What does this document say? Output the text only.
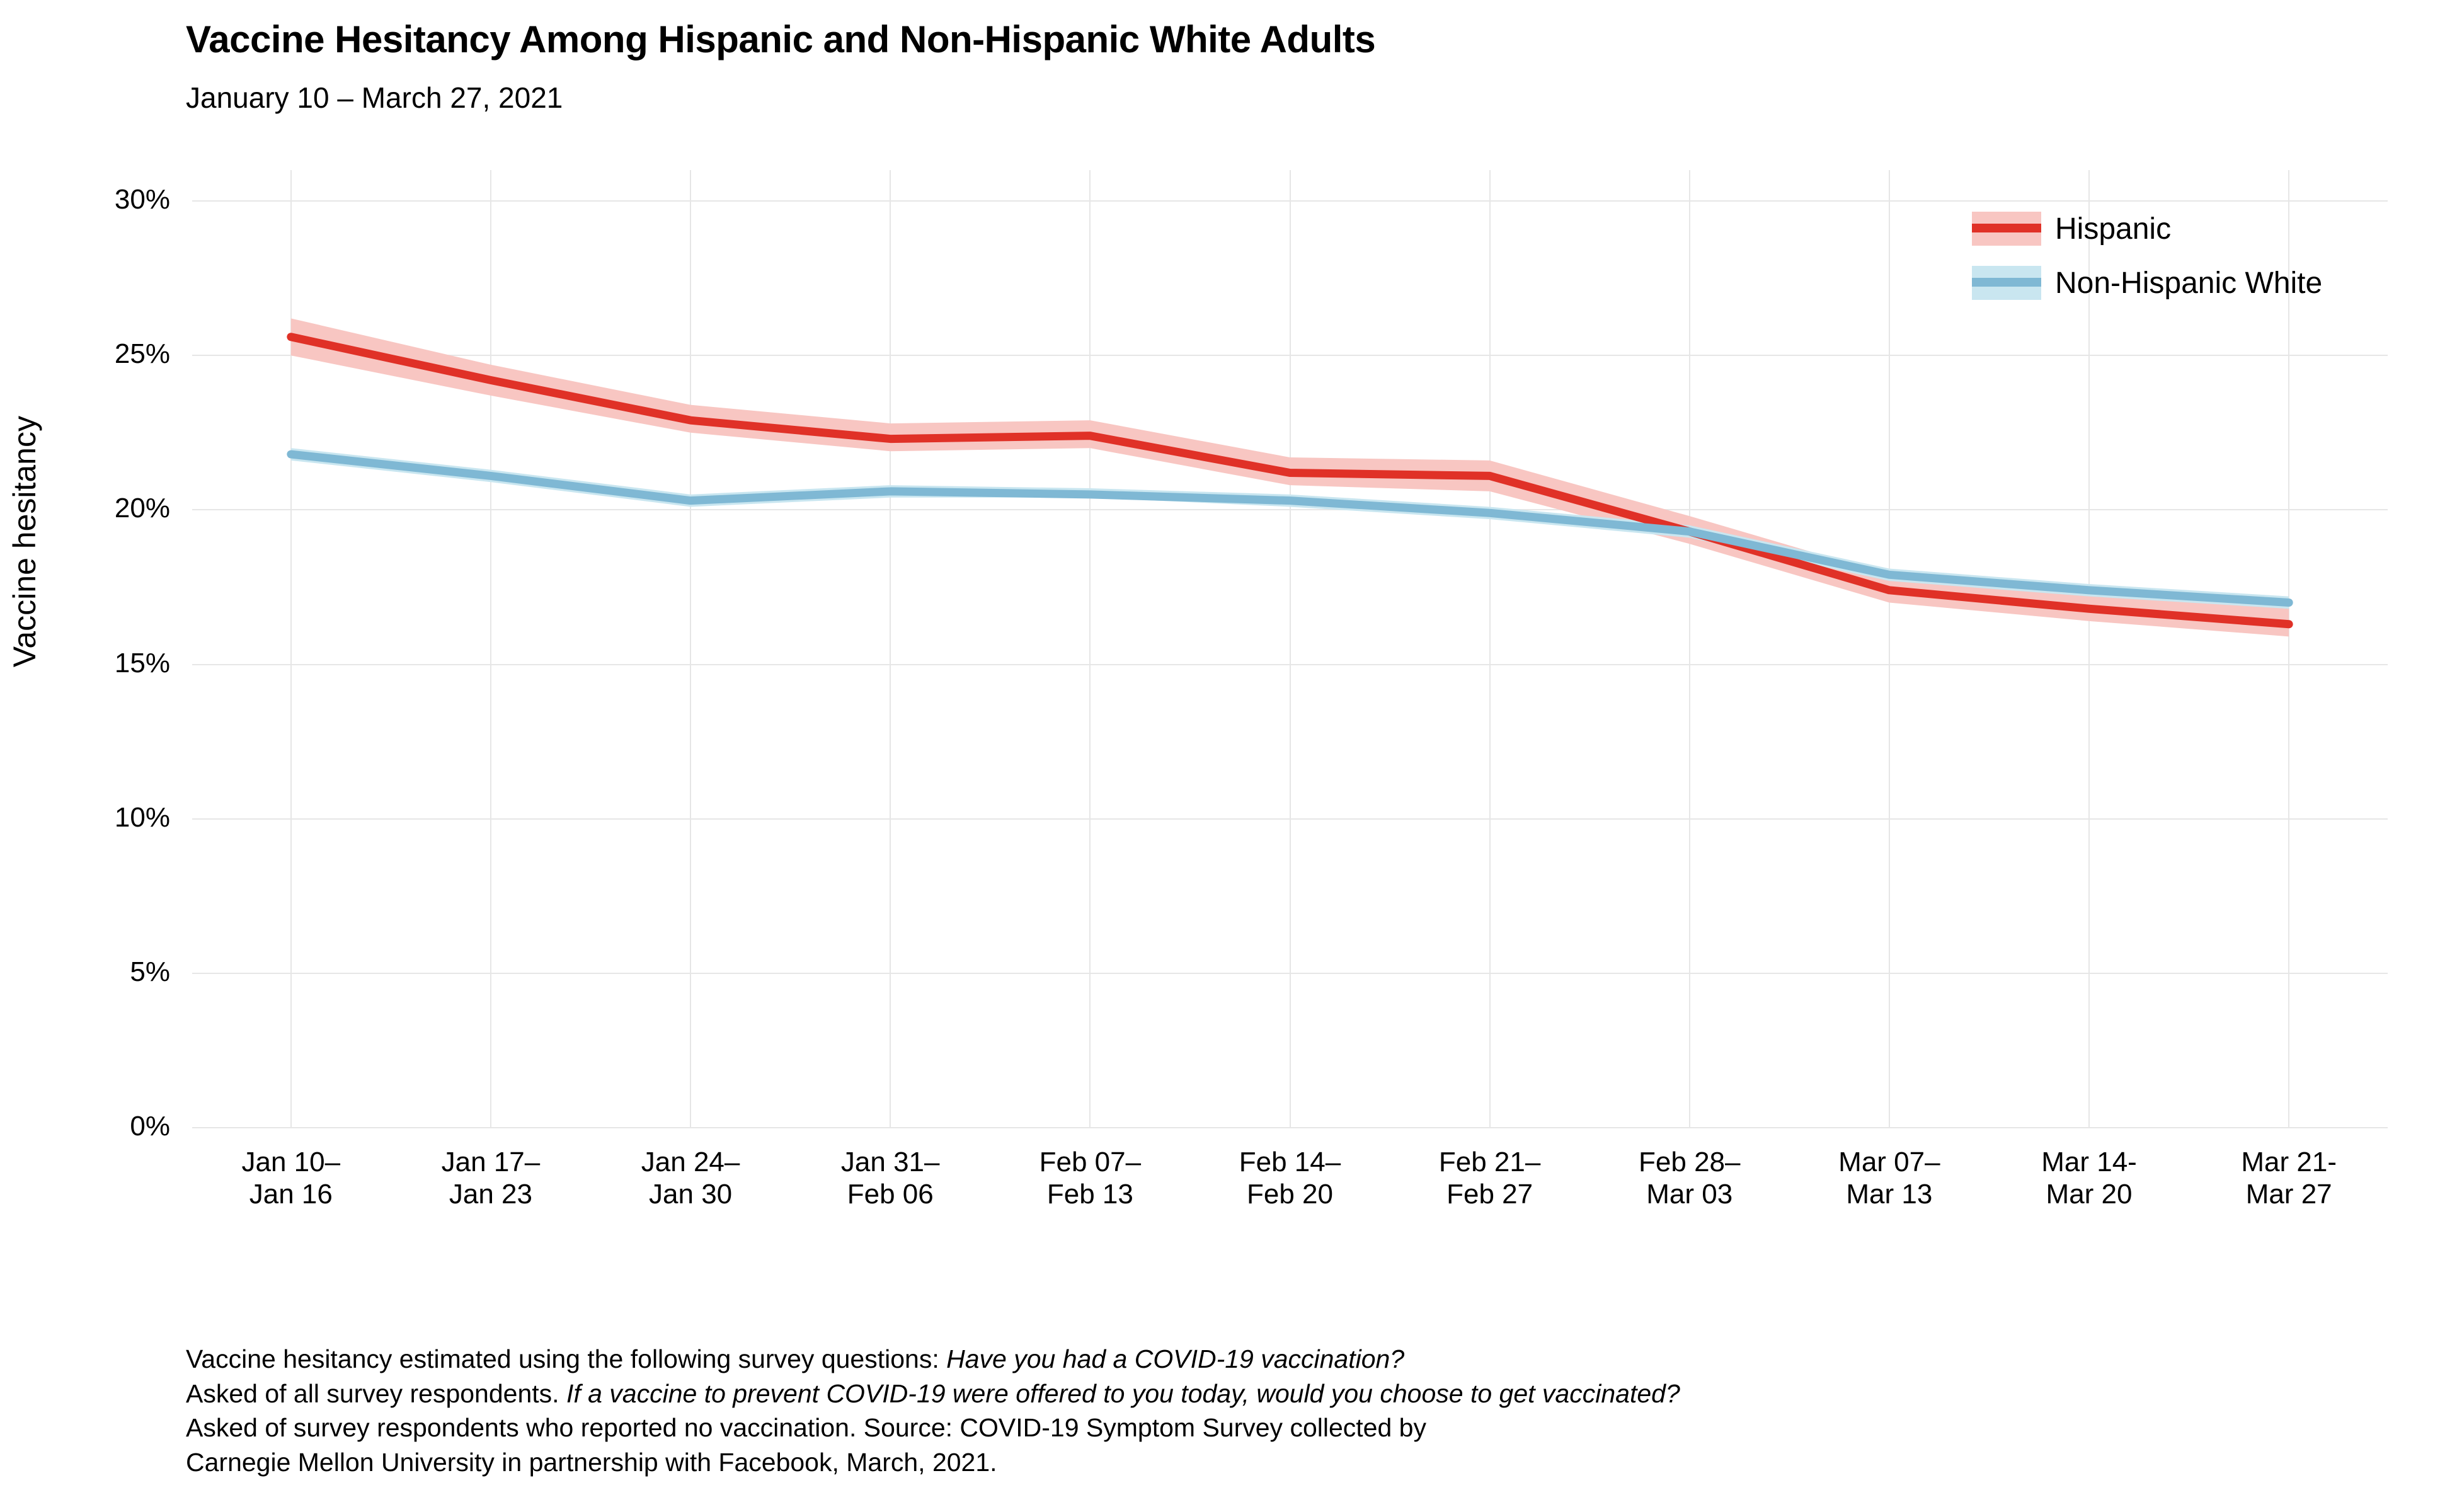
Vaccine Hesitancy Among Hispanic and Non-Hispanic White Adults
January 10 – March 27, 2021
Vaccine hesitancy
0%
5%
10%
15%
20%
25%
30%
Jan 10–
Jan 16
Jan 17–
Jan 23
Jan 24–
Jan 30
Jan 31–
Feb 06
Feb 07–
Feb 13
Feb 14–
Feb 20
Feb 21–
Feb 27
Feb 28–
Mar 03
Mar 07–
Mar 13
Mar 14-
Mar 20
Mar 21-
Mar 27
Hispanic
Non-Hispanic White
Vaccine hesitancy estimated using the following survey questions: Have you had a COVID-19 vaccination?
Asked of all survey respondents. If a vaccine to prevent COVID-19 were offered to you today, would you choose to get vaccinated?
Asked of survey respondents who reported no vaccination. Source: COVID-19 Symptom Survey collected by
Carnegie Mellon University in partnership with Facebook, March, 2021.
